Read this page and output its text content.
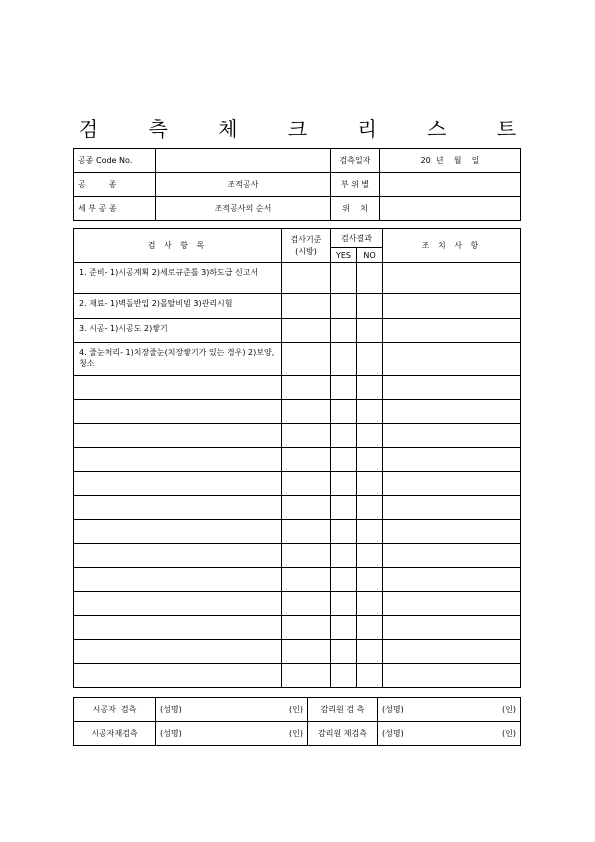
검 측 체 크 리 스 트
공종 Code No.		검측일자	20  년    월    일
공         종	조적공사	부 위 별	
세 부 공 종	조적공사의 순서	위    치	
검 사 항 목	검사기준 (시방)	검사결과		조 치 사 항
		YES	NO	
1. 준비- 1)시공계획 2)세로규준틀 3)하도급 신고서				
2. 재료- 1)벽돌반입 2)몰탈비빔 3)관리시험				
3. 시공- 1)시공도 2)쌓기				
4. 줄눈처리- 1)치장줄눈(치장쌓기가 있는 경우) 2)보양,청소				

시공자  검측	(성명)	(인)	감리원 검 측	(성명)	(인)
시공자재검측	(성명)	(인)	감리원 재검측	(성명)	(인)
